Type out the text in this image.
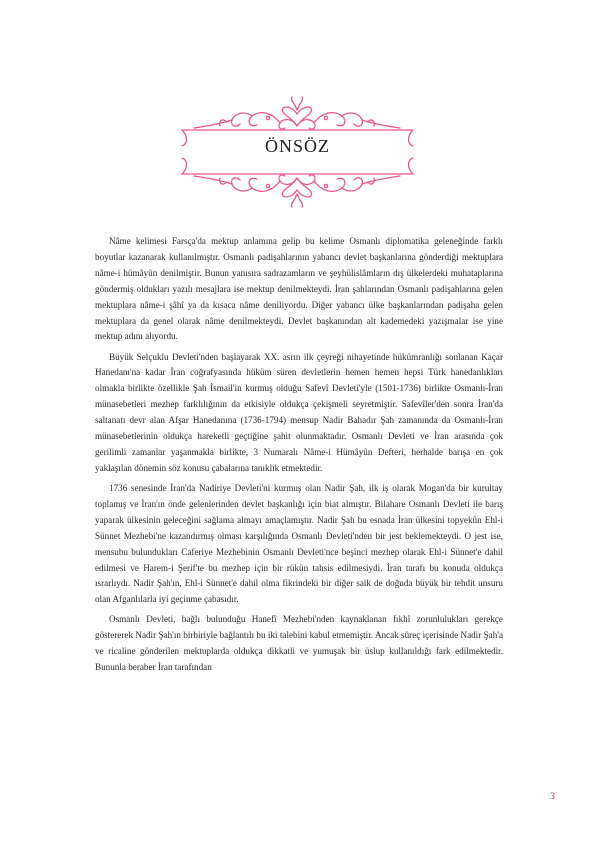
ÖNSÖZ

Nâme kelimesi Farsça'da mektup anlamına gelip bu kelime Osmanlı diplomatika geleneğinde farklı boyutlar kazanarak kullanılmıştır. Osmanlı padişahlarının yabancı devlet başkanlarına gönderdiği mektuplara nâme-i hümâyûn denilmiştir. Bunun yanısıra sadrazamların ve şeyhülislâmların dış ülkelerdeki muhataplarına göndermiş oldukları yazılı mesajlara ise mektup denilmekteydi. İran şahlarından Osmanlı padişahlarına gelen mektuplara nâme-i şâhî ya da kısaca nâme deniliyordu. Diğer yabancı ülke başkanlarından padişaha gelen mektuplara da genel olarak nâme denilmekteydi. Devlet başkanından alt kademedeki yazışmalar ise yine mektup adını alıyordu.

Büyük Selçuklu Devleti'nden başlayarak XX. asrın ilk çeyreği nihayetinde hükümranlığı sonlanan Kaçar Hanedanı'na kadar İran coğrafyasında hüküm süren devletlerin hemen hemen hepsi Türk hanedanlıkları olmakla birlikte özellikle Şah İsmail'in kurmuş olduğu Safevî Devleti'yle (1501-1736) birlikte Osmanlı-İran münasebetleri mezhep farklılığının da etkisiyle oldukça çekişmeli seyretmiştir. Safevîler'den sonra İran'da saltanatı devr alan Afşar Hanedanına (1736-1794) mensup Nadir Bahadır Şah zamanında da Osmanlı-İran münasebetlerinin oldukça hareketli geçtiğine şahit olunmaktadır. Osmanlı Devleti ve İran arasında çok gerilimli zamanlar yaşanmakla birlikte, 3 Numaralı Nâme-i Hümâyûn Defteri, herhalde barışa en çok yaklaşılan dönemin söz konusu çabalarına tanıklık etmektedir.

1736 senesinde İran'da Nadiriye Devleti'ni kurmuş olan Nadir Şah, ilk iş olarak Mogan'da bir kurultay toplamış ve İran'ın önde gelenlerinden devlet başkanlığı için biat almıştır. Bilahare Osmanlı Devleti ile barış yaparak ülkesinin geleceğini sağlama almayı amaçlamıştır. Nadir Şah bu esnada İran ülkesini topyekûn Ehl-i Sünnet Mezhebi'ne kazandırmış olması karşılığında Osmanlı Devleti'nden bir jest beklemekteydi. O jest ise, mensubu bulundukları Caferiye Mezhebinin Osmanlı Devleti'nce beşinci mezhep olarak Ehl-i Sünnet'e dahil edilmesi ve Harem-i Şerif'te bu mezhep için bir rükün tahsis edilmesiydi. İran tarafı bu konuda oldukça ısrarlıydı. Nadir Şah'ın, Ehl-i Sünnet'e dahil olma fikrindeki bir diğer saik de doğuda büyük bir tehdit unsuru olan Afganlılarla iyi geçinme çabasıdır.

Osmanlı Devleti, bağlı bulunduğu Hanefî Mezhebi'nden kaynaklanan fıkhî zorunlulukları gerekçe göstererek Nadir Şah'ın birbiriyle bağlantılı bu iki talebini kabul etmemiştir. Ancak süreç içerisinde Nadir Şah'a ve ricaline gönderilen mektuplarda oldukça dikkatli ve yumuşak bir üslup kullanıldığı fark edilmektedir. Bununla beraber İran tarafından

3
